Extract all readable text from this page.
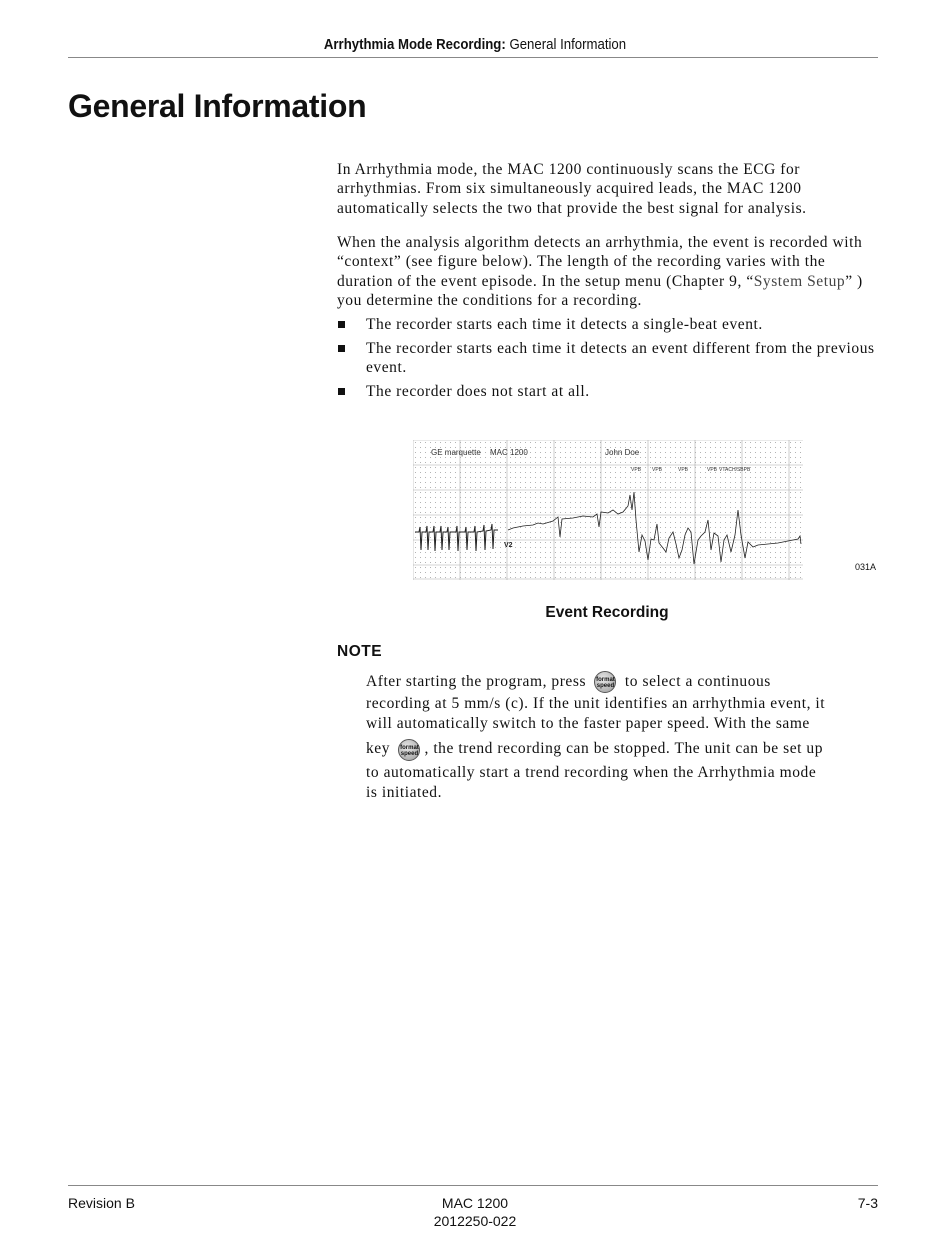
Arrhythmia Mode Recording: General Information
General Information

In Arrhythmia mode, the MAC 1200 continuously scans the ECG for arrhythmias. From six simultaneously acquired leads, the MAC 1200 automatically selects the two that provide the best signal for analysis.

When the analysis algorithm detects an arrhythmia, the event is recorded with “context” (see figure below). The length of the recording varies with the duration of the event episode. In the setup menu (Chapter 9, “System Setup” ) you determine the conditions for a recording.

The recorder starts each time it detects a single-beat event.
The recorder starts each time it detects an event different from the previous event.
The recorder does not start at all.
GE marquette MAC 1200	John Doe
VPB VPB	VPB	VPB VTACH/SBPB
V2
031A
Event Recording
NOTE
After starting the program, press format
speed to select a continuous
recording at 5 mm/s (c). If the unit identifies an arrhythmia event, it
will automatically switch to the faster paper speed. With the same
key format
speed , the trend recording can be stopped. The unit can be set up
to automatically start a trend recording when the Arrhythmia mode
is initiated.
Revision B	MAC 1200
2012250-022
7-3
